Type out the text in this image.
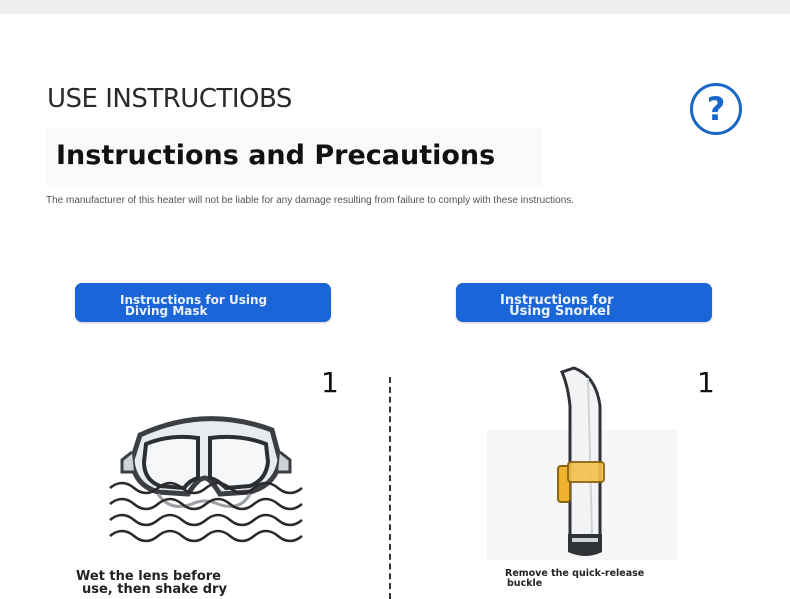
USE INSTRUCTIOBS	?
Instructions and Precautions
The manufacturer of this heater will not be liable for any damage resulting from failure to comply with these instructions.
Instructions for Using
Diving Mask
Instructions for
Using Snorkel
1	1
Wet the lens before
use, then shake dry
Remove the quick-release
buckle
